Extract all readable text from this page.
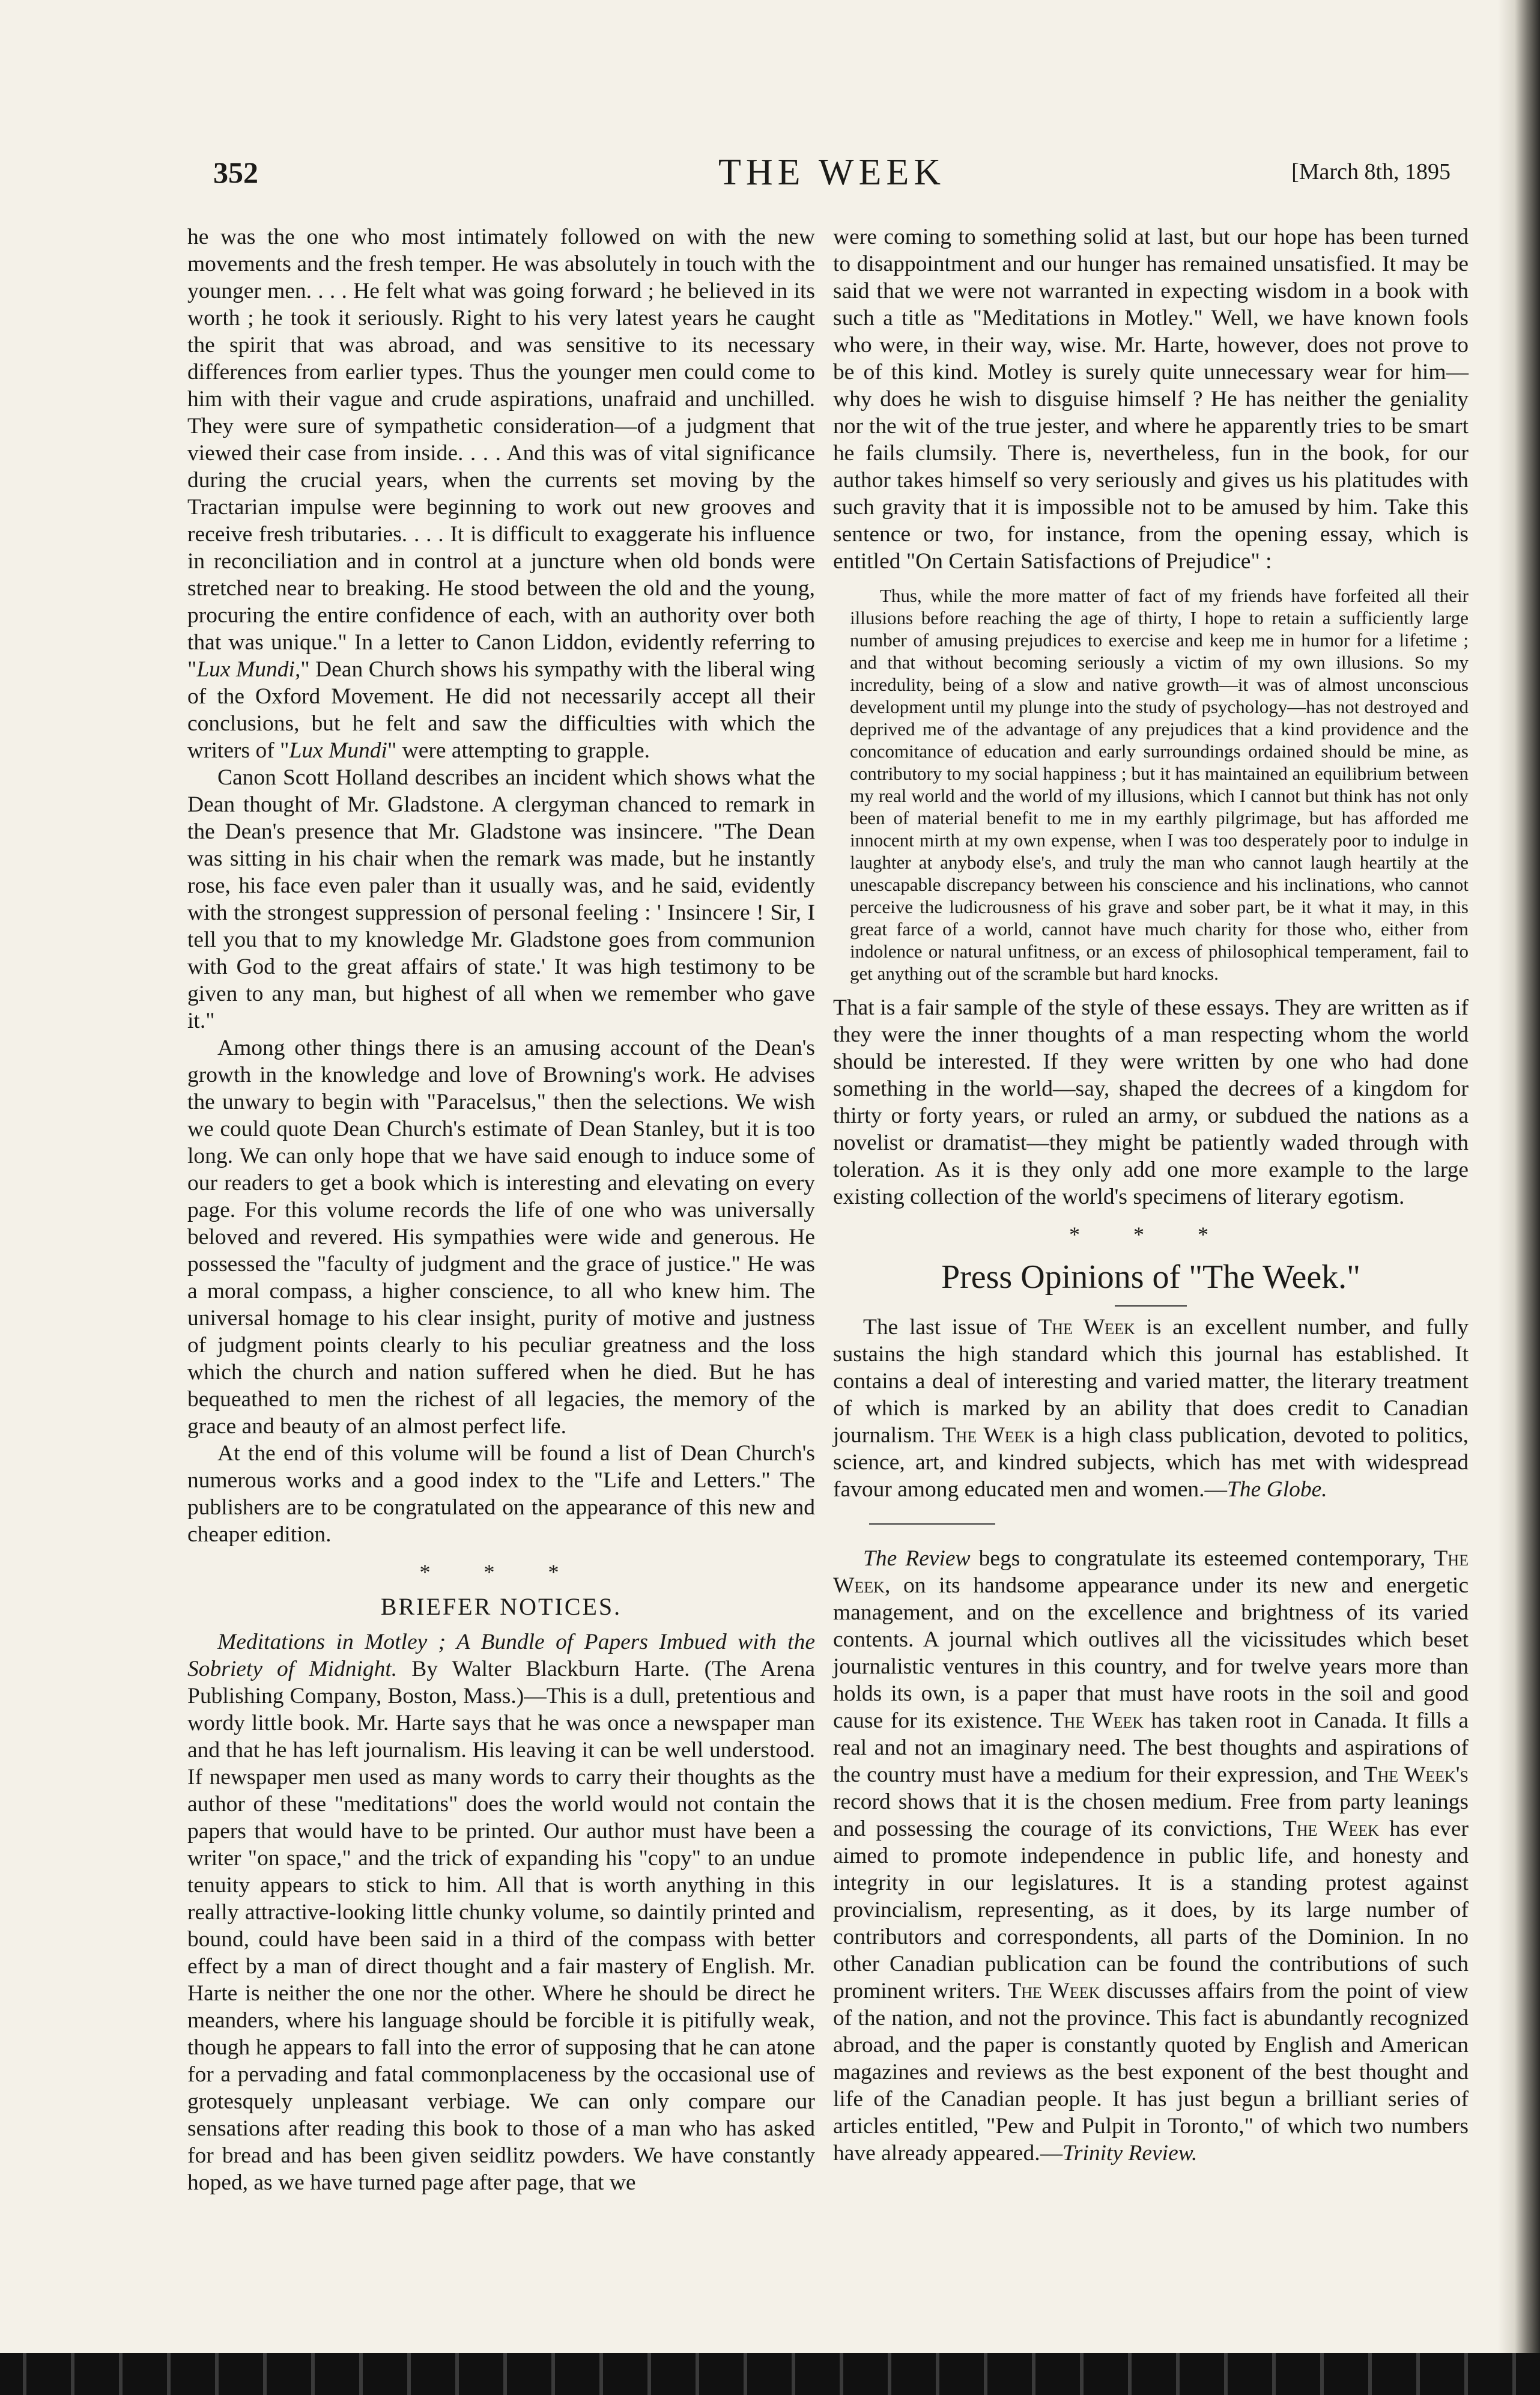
352	THE WEEK	[March 8th, 1895

he was the one who most intimately followed on with the new movements and the fresh temper. He was absolutely in touch with the younger men. . . . He felt what was going forward ; he believed in its worth ; he took it seriously. Right to his very latest years he caught the spirit that was abroad, and was sensitive to its necessary differences from earlier types. Thus the younger men could come to him with their vague and crude aspirations, unafraid and unchilled. They were sure of sympathetic consideration—of a judgment that viewed their case from inside. . . . And this was of vital significance during the crucial years, when the currents set moving by the Tractarian impulse were beginning to work out new grooves and receive fresh tributaries. . . . It is difficult to exaggerate his influence in reconciliation and in control at a juncture when old bonds were stretched near to breaking. He stood between the old and the young, procuring the entire confidence of each, with an authority over both that was unique." In a letter to Canon Liddon, evidently referring to "Lux Mundi," Dean Church shows his sympathy with the liberal wing of the Oxford Movement. He did not necessarily accept all their conclusions, but he felt and saw the difficulties with which the writers of "Lux Mundi" were attempting to grapple.

Canon Scott Holland describes an incident which shows what the Dean thought of Mr. Gladstone. A clergyman chanced to remark in the Dean's presence that Mr. Gladstone was insincere. "The Dean was sitting in his chair when the remark was made, but he instantly rose, his face even paler than it usually was, and he said, evidently with the strongest suppression of personal feeling : ' Insincere ! Sir, I tell you that to my knowledge Mr. Gladstone goes from communion with God to the great affairs of state.' It was high testimony to be given to any man, but highest of all when we remember who gave it."

Among other things there is an amusing account of the Dean's growth in the knowledge and love of Browning's work. He advises the unwary to begin with "Paracelsus," then the selections. We wish we could quote Dean Church's estimate of Dean Stanley, but it is too long. We can only hope that we have said enough to induce some of our readers to get a book which is interesting and elevating on every page. For this volume records the life of one who was universally beloved and revered. His sympathies were wide and generous. He possessed the "faculty of judgment and the grace of justice." He was a moral compass, a higher conscience, to all who knew him. The universal homage to his clear insight, purity of motive and justness of judgment points clearly to his peculiar greatness and the loss which the church and nation suffered when he died. But he has bequeathed to men the richest of all legacies, the memory of the grace and beauty of an almost perfect life.

At the end of this volume will be found a list of Dean Church's numerous works and a good index to the "Life and Letters." The publishers are to be congratulated on the appearance of this new and cheaper edition.

* * *
BRIEFER NOTICES.

Meditations in Motley ; A Bundle of Papers Imbued with the Sobriety of Midnight. By Walter Blackburn Harte. (The Arena Publishing Company, Boston, Mass.)—This is a dull, pretentious and wordy little book. Mr. Harte says that he was once a newspaper man and that he has left journalism. His leaving it can be well understood. If newspaper men used as many words to carry their thoughts as the author of these "meditations" does the world would not contain the papers that would have to be printed. Our author must have been a writer "on space," and the trick of expanding his "copy" to an undue tenuity appears to stick to him. All that is worth anything in this really attractive-looking little chunky volume, so daintily printed and bound, could have been said in a third of the compass with better effect by a man of direct thought and a fair mastery of English. Mr. Harte is neither the one nor the other. Where he should be direct he meanders, where his language should be forcible it is pitifully weak, though he appears to fall into the error of supposing that he can atone for a pervading and fatal commonplaceness by the occasional use of grotesquely unpleasant verbiage. We can only compare our sensations after reading this book to those of a man who has asked for bread and has been given seidlitz powders. We have constantly hoped, as we have turned page after page, that we

were coming to something solid at last, but our hope has been turned to disappointment and our hunger has remained unsatisfied. It may be said that we were not warranted in expecting wisdom in a book with such a title as "Meditations in Motley." Well, we have known fools who were, in their way, wise. Mr. Harte, however, does not prove to be of this kind. Motley is surely quite unnecessary wear for him—why does he wish to disguise himself ? He has neither the geniality nor the wit of the true jester, and where he apparently tries to be smart he fails clumsily. There is, nevertheless, fun in the book, for our author takes himself so very seriously and gives us his platitudes with such gravity that it is impossible not to be amused by him. Take this sentence or two, for instance, from the opening essay, which is entitled "On Certain Satisfactions of Prejudice" :

Thus, while the more matter of fact of my friends have forfeited all their illusions before reaching the age of thirty, I hope to retain a sufficiently large number of amusing prejudices to exercise and keep me in humor for a lifetime ; and that without becoming seriously a victim of my own illusions. So my incredulity, being of a slow and native growth—it was of almost unconscious development until my plunge into the study of psychology—has not destroyed and deprived me of the advantage of any prejudices that a kind providence and the concomitance of education and early surroundings ordained should be mine, as contributory to my social happiness ; but it has maintained an equilibrium between my real world and the world of my illusions, which I cannot but think has not only been of material benefit to me in my earthly pilgrimage, but has afforded me innocent mirth at my own expense, when I was too desperately poor to indulge in laughter at anybody else's, and truly the man who cannot laugh heartily at the unescapable discrepancy between his conscience and his inclinations, who cannot perceive the ludicrousness of his grave and sober part, be it what it may, in this great farce of a world, cannot have much charity for those who, either from indolence or natural unfitness, or an excess of philosophical temperament, fail to get anything out of the scramble but hard knocks.

That is a fair sample of the style of these essays. They are written as if they were the inner thoughts of a man respecting whom the world should be interested. If they were written by one who had done something in the world—say, shaped the decrees of a kingdom for thirty or forty years, or ruled an army, or subdued the nations as a novelist or dramatist—they might be patiently waded through with toleration. As it is they only add one more example to the large existing collection of the world's specimens of literary egotism.

* * *
Press Opinions of "The Week."

The last issue of The Week is an excellent number, and fully sustains the high standard which this journal has established. It contains a deal of interesting and varied matter, the literary treatment of which is marked by an ability that does credit to Canadian journalism. The Week is a high class publication, devoted to politics, science, art, and kindred subjects, which has met with widespread favour among educated men and women.—The Globe.

The Review begs to congratulate its esteemed contemporary, The Week, on its handsome appearance under its new and energetic management, and on the excellence and brightness of its varied contents. A journal which outlives all the vicissitudes which beset journalistic ventures in this country, and for twelve years more than holds its own, is a paper that must have roots in the soil and good cause for its existence. The Week has taken root in Canada. It fills a real and not an imaginary need. The best thoughts and aspirations of the country must have a medium for their expression, and The Week's record shows that it is the chosen medium. Free from party leanings and possessing the courage of its convictions, The Week has ever aimed to promote independence in public life, and honesty and integrity in our legislatures. It is a standing protest against provincialism, representing, as it does, by its large number of contributors and correspondents, all parts of the Dominion. In no other Canadian publication can be found the contributions of such prominent writers. The Week discusses affairs from the point of view of the nation, and not the province. This fact is abundantly recognized abroad, and the paper is constantly quoted by English and American magazines and reviews as the best exponent of the best thought and life of the Canadian people. It has just begun a brilliant series of articles entitled, "Pew and Pulpit in Toronto," of which two numbers have already appeared.—Trinity Review.
